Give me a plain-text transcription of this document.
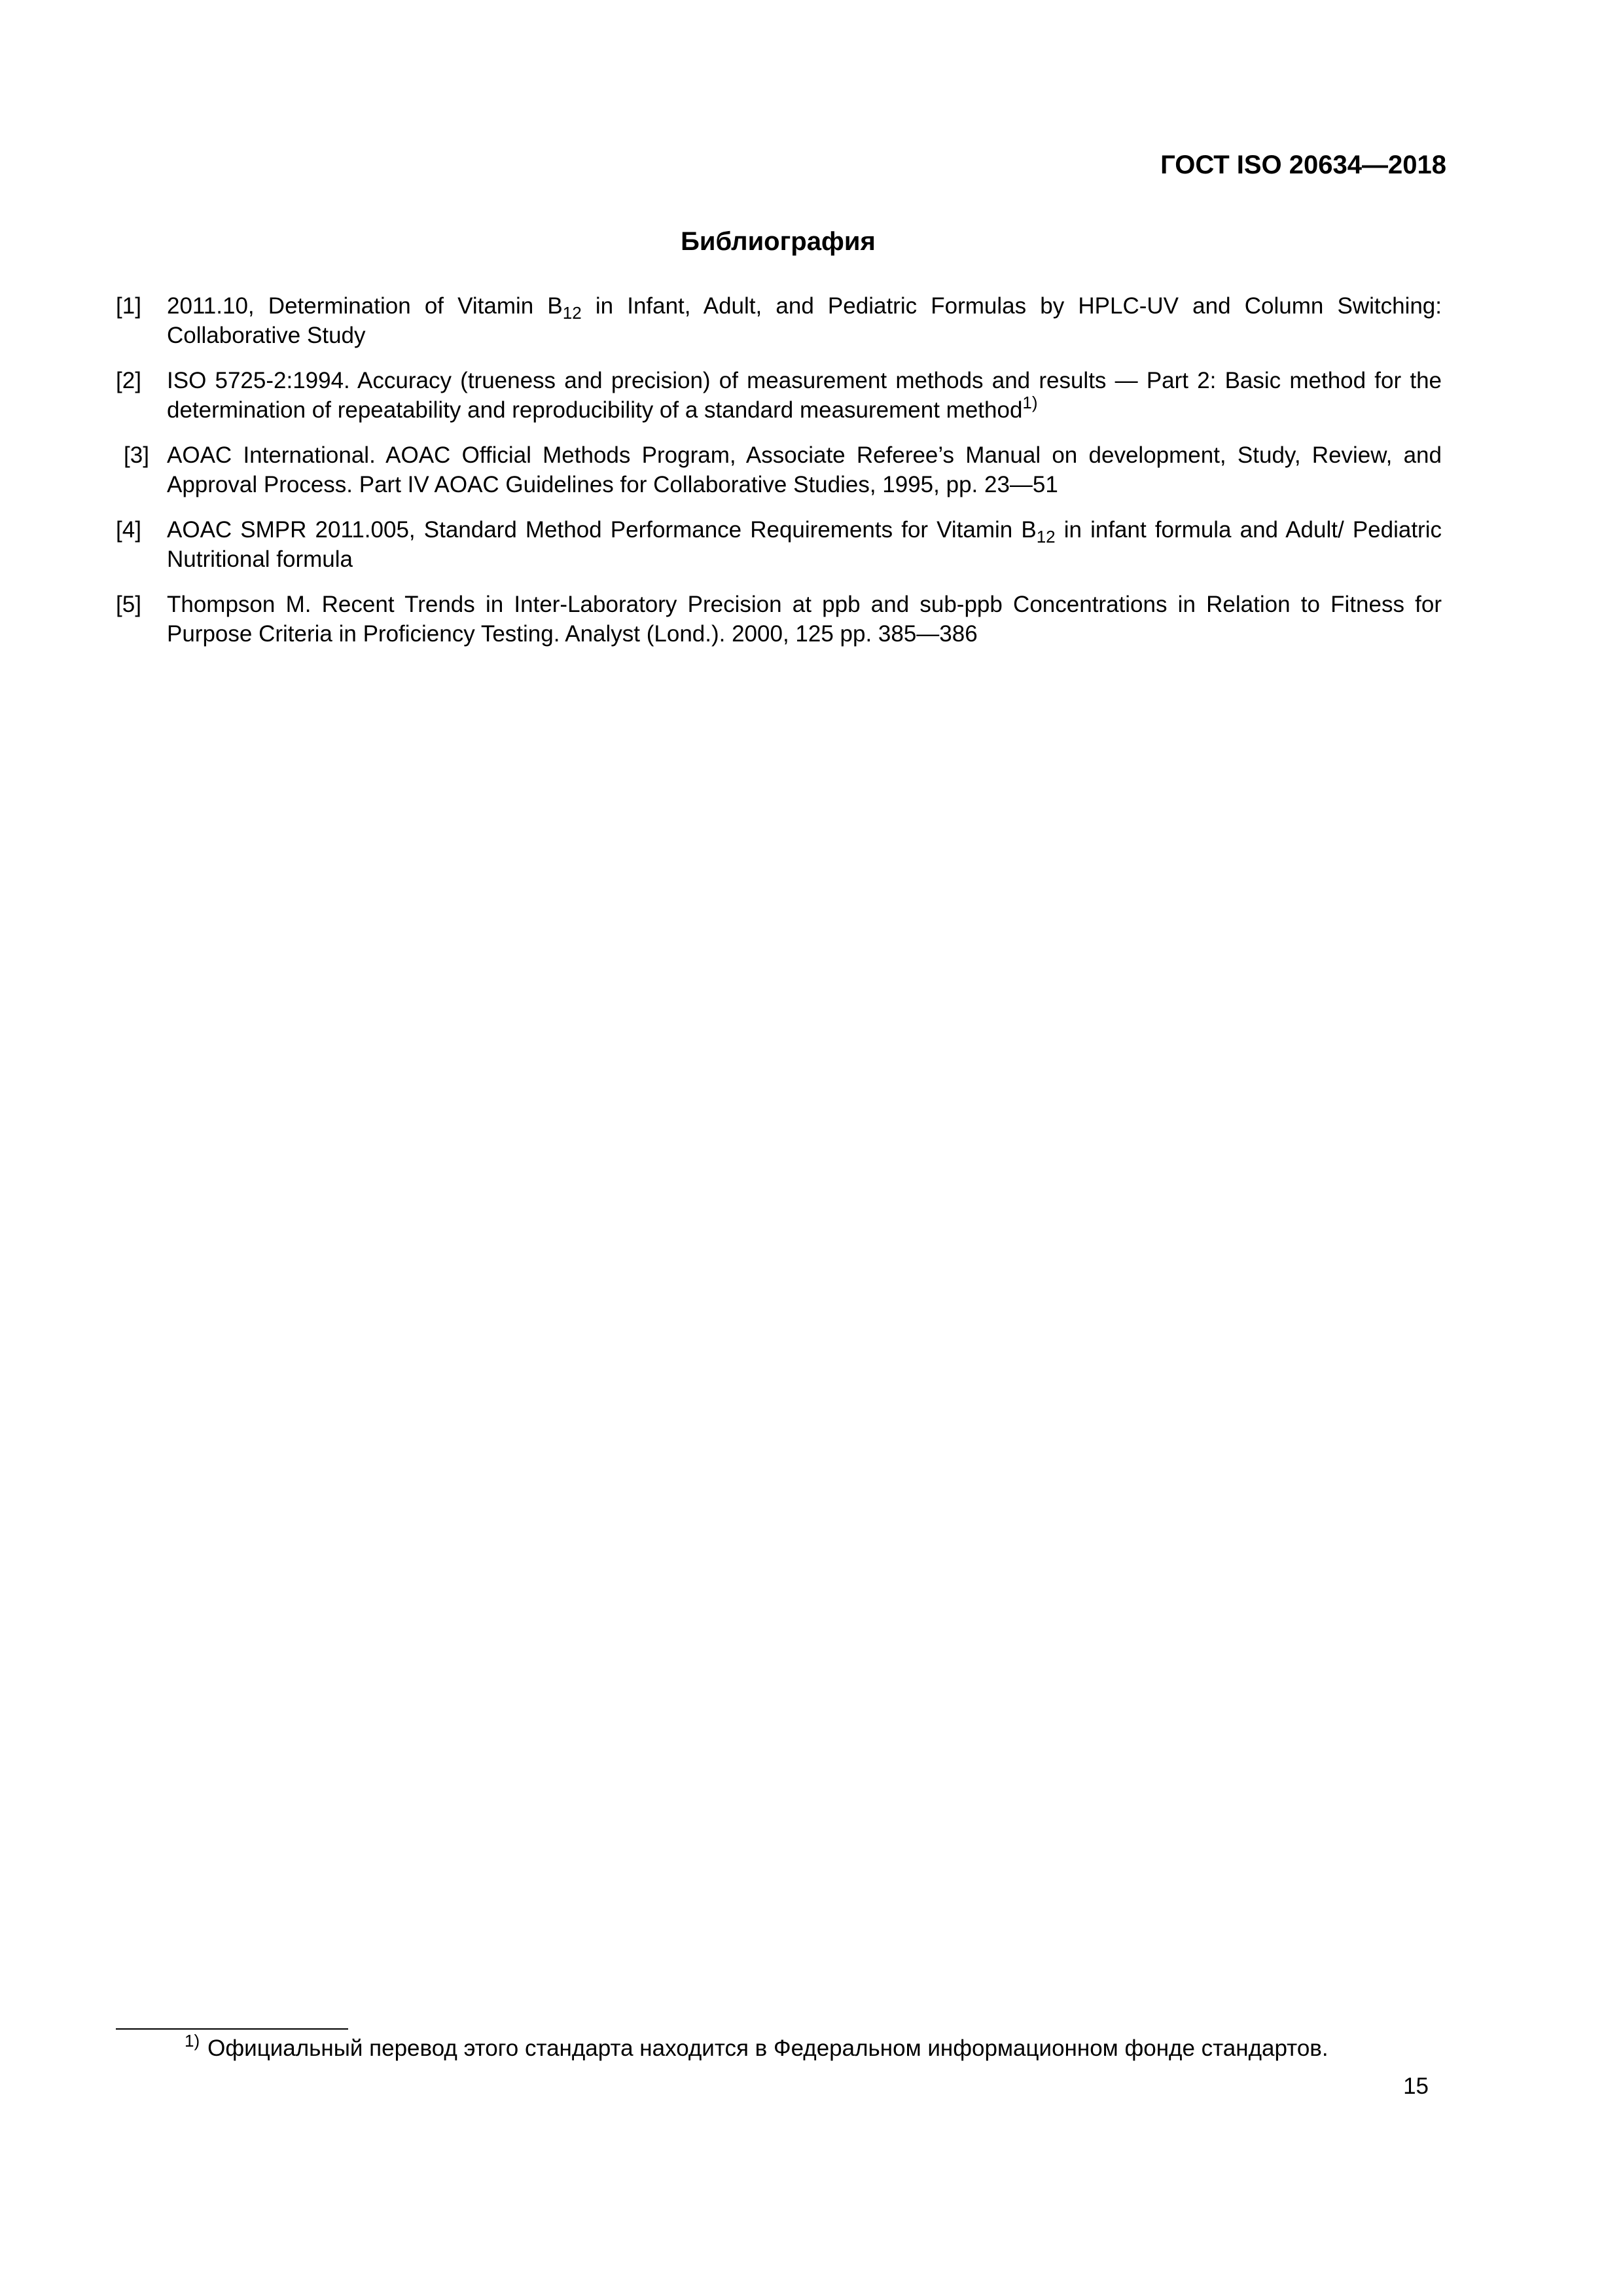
ГОСТ ISO 20634—2018
Библиография
[1] 2011.10, Determination of Vitamin $B_{12}$ in Infant, Adult, and Pediatric Formulas by HPLC-UV and Column Switching: Collaborative Study
[2] ISO 5725-2:1994. Accuracy (trueness and precision) of measurement methods and results — Part 2: Basic method for the determination of repeatability and reproducibility of a standard measurement method$^{1)}$
[3] AOAC International. AOAC Official Methods Program, Associate Referee’s Manual on development, Study, Review, and Approval Process. Part IV AOAC Guidelines for Collaborative Studies, 1995, pp. 23—51
[4] AOAC SMPR 2011.005, Standard Method Performance Requirements for Vitamin $B_{12}$ in infant formula and Adult/ Pediatric Nutritional formula
[5] Thompson M. Recent Trends in Inter-Laboratory Precision at ppb and sub-ppb Concentrations in Relation to Fitness for Purpose Criteria in Proficiency Testing. Analyst (Lond.). 2000, 125 pp. 385—386
$^{1)}$ Официальный перевод этого стандарта находится в Федеральном информационном фонде стандартов.
15
